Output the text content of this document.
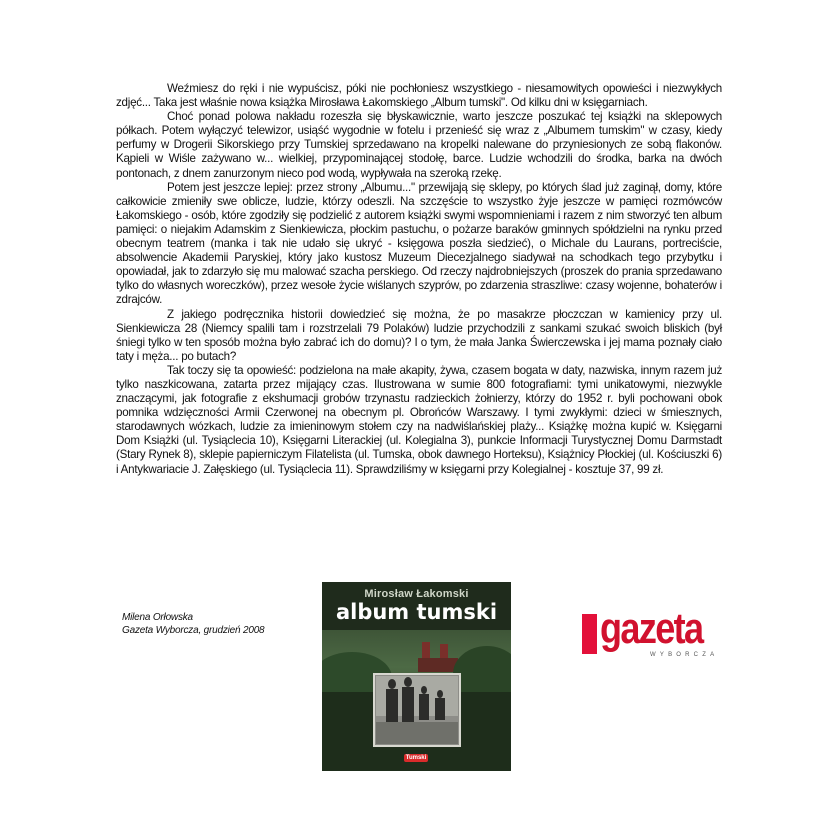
Weźmiesz do ręki i nie wypuścisz, póki nie pochłoniesz wszystkiego - niesamowitych opowieści i niezwykłych zdjęć... Taka jest właśnie nowa książka Mirosława Łakomskiego „Album tumski". Od kilku dni w księgarniach.

Choć ponad polowa nakładu rozeszła się błyskawicznie, warto jeszcze poszukać tej książki na sklepowych półkach. Potem wyłączyć telewizor, usiąść wygodnie w fotelu i przenieść się wraz z „Albumem tumskim" w czasy, kiedy perfumy w Drogerii Sikorskiego przy Tumskiej sprzedawano na kropelki nalewane do przyniesionych ze sobą flakonów. Kąpieli w Wiśle zażywano w... wielkiej, przypominającej stodołę, barce. Ludzie wchodzili do środka, barka na dwóch pontonach, z dnem zanurzonym nieco pod wodą, wypływała na szeroką rzekę.

Potem jest jeszcze lepiej: przez strony „Albumu..." przewijają się sklepy, po których ślad już zaginął, domy, które całkowicie zmieniły swe oblicze, ludzie, którzy odeszli. Na szczęście to wszystko żyje jeszcze w pamięci rozmówców Łakomskiego - osób, które zgodziły się podzielić z autorem książki swymi wspomnieniami i razem z nim stworzyć ten album pamięci: o niejakim Adamskim z Sienkiewicza, płockim pastuchu, o pożarze baraków gminnych spółdzielni na rynku przed obecnym teatrem (manka i tak nie udało się ukryć - księgowa poszła siedzieć), o Michale du Laurans, portreciście, absolwencie Akademii Paryskiej, który jako kustosz Muzeum Diecezjalnego siadywał na schodkach tego przybytku i opowiadał, jak to zdarzyło się mu malować szacha perskiego. Od rzeczy najdrobniejszych (proszek do prania sprzedawano tylko do własnych woreczków), przez wesołe życie wiślanych szyprów, po zdarzenia straszliwe: czasy wojenne, bohaterów i zdrajców.

Z jakiego podręcznika historii dowiedzieć się można, że po masakrze płoczczan w kamienicy przy ul. Sienkiewicza 28 (Niemcy spalili tam i rozstrzelali 79 Polaków) ludzie przychodzili z sankami szukać swoich bliskich (był śniegi tylko w ten sposób można było zabrać ich do domu)? I o tym, że mała Janka Świerczewska i jej mama poznały ciało taty i męża... po butach?

Tak toczy się ta opowieść: podzielona na małe akapity, żywa, czasem bogata w daty, nazwiska, innym razem już tylko naszkicowana, zatarta przez mijający czas. Ilustrowana w sumie 800 fotografiami: tymi unikatowymi, niezwykle znaczącymi, jak fotografie z ekshumacji grobów trzynastu radzieckich żołnierzy, którzy do 1952 r. byli pochowani obok pomnika wdzięczności Armii Czerwonej na obecnym pl. Obrońców Warszawy. I tymi zwykłymi: dzieci w śmiesznych, starodawnych wózkach, ludzie za imieninowym stołem czy na nadwiślańskiej plaży... Książkę można kupić w. Księgarni Dom Książki (ul. Tysiąclecia 10), Księgarni Literackiej (ul. Kolegialna 3), punkcie Informacji Turystycznej Domu Darmstadt (Stary Rynek 8), sklepie papierniczym Filatelista (ul. Tumska, obok dawnego Horteksu), Książnicy Płockiej (ul. Kościuszki 6) i Antykwariacie J. Załęskiego (ul. Tysiąclecia 11). Sprawdziliśmy w księgarni przy Kolegialnej - kosztuje 37, 99 zł.

Milena Orłowska
Gazeta Wyborcza, grudzień 2008
Mirosław Łakomski
album tumski
Tumski
gazeta
WYBORCZA
